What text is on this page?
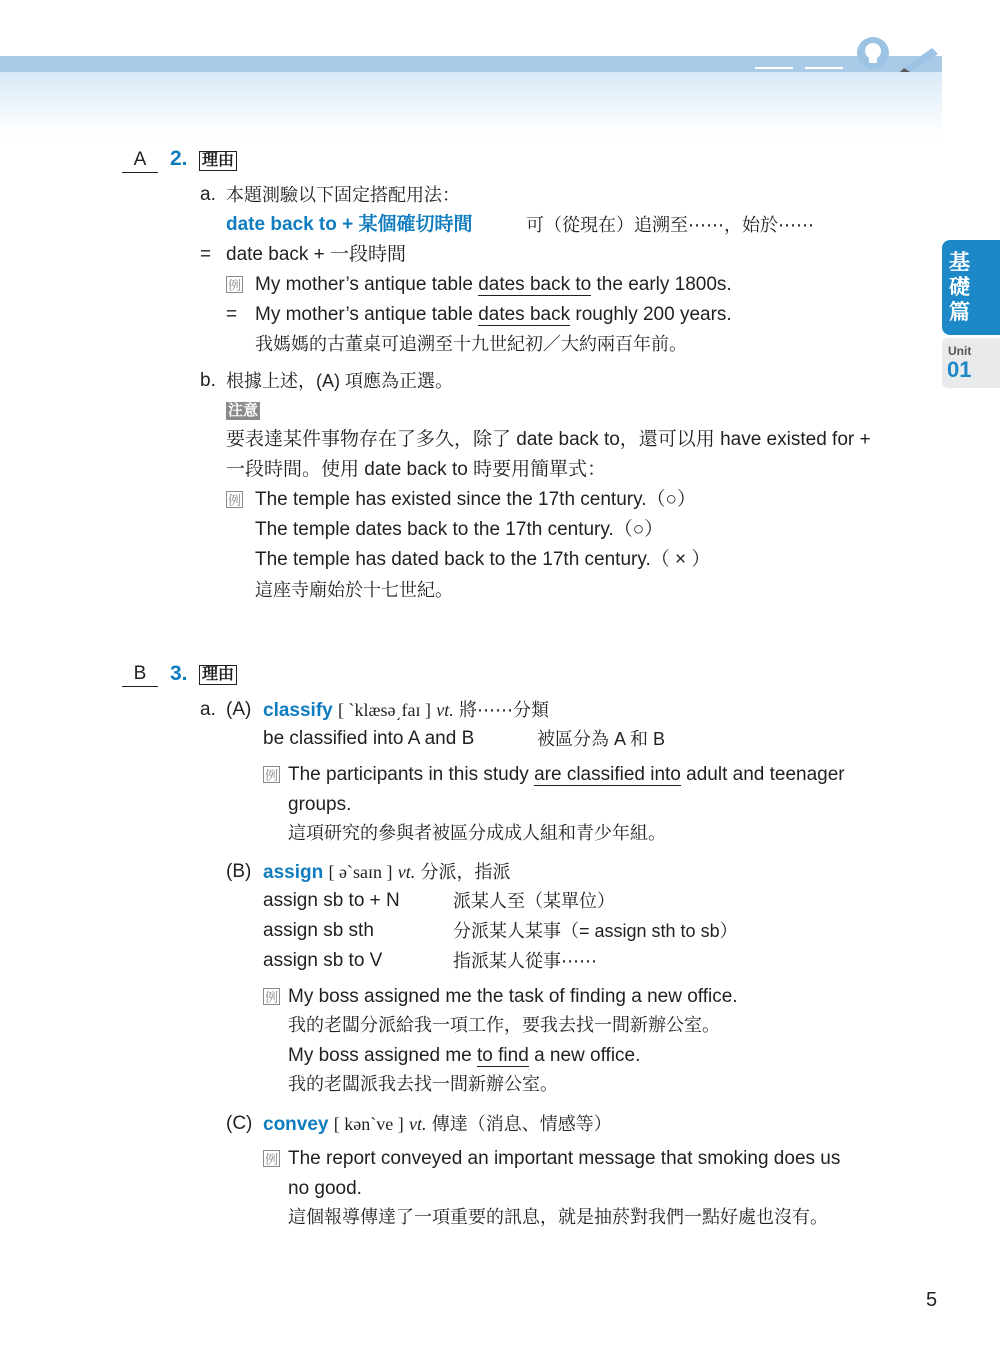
基
礎
篇
Unit
01
A	2. 理由
a. 本題測驗以下固定搭配用法：
date back to + 某個確切時間	可（從現在）追溯至⋯⋯，始於⋯⋯
= date back + 一段時間
例 My mother’s antique table dates back to the early 1800s.
= My mother’s antique table dates back roughly 200 years.
我媽媽的古董桌可追溯至十九世紀初／大約兩百年前。
b. 根據上述，(A) 項應為正選。
注意
要表達某件事物存在了多久，除了 date back to，還可以用 have existed for +
一段時間。使用 date back to 時要用簡單式：
例 The temple has existed since the 17th century.（○）
The temple dates back to the 17th century.（○）
The temple has dated back to the 17th century.（ × ）
這座寺廟始於十七世紀。
B	3. 理由
a. (A) classify [ ˋklæsə͵faɪ ] vt. 將⋯⋯分類
be classified into A and B	被區分為 A 和 B
例 The participants in this study are classified into adult and teenager
groups.
這項研究的參與者被區分成成人組和青少年組。
(B) assign [ əˋsaɪn ] vt. 分派，指派
assign sb to + N	派某人至（某單位）
assign sb sth	分派某人某事（= assign sth to sb）
assign sb to V	指派某人從事⋯⋯
例 My boss assigned me the task of finding a new office.
我的老闆分派給我一項工作，要我去找一間新辦公室。
My boss assigned me to find a new office.
我的老闆派我去找一間新辦公室。
(C) convey [ kənˋve ] vt. 傳達（消息、情感等）
例 The report conveyed an important message that smoking does us
no good.
這個報導傳達了一項重要的訊息，就是抽菸對我們一點好處也沒有。
5
